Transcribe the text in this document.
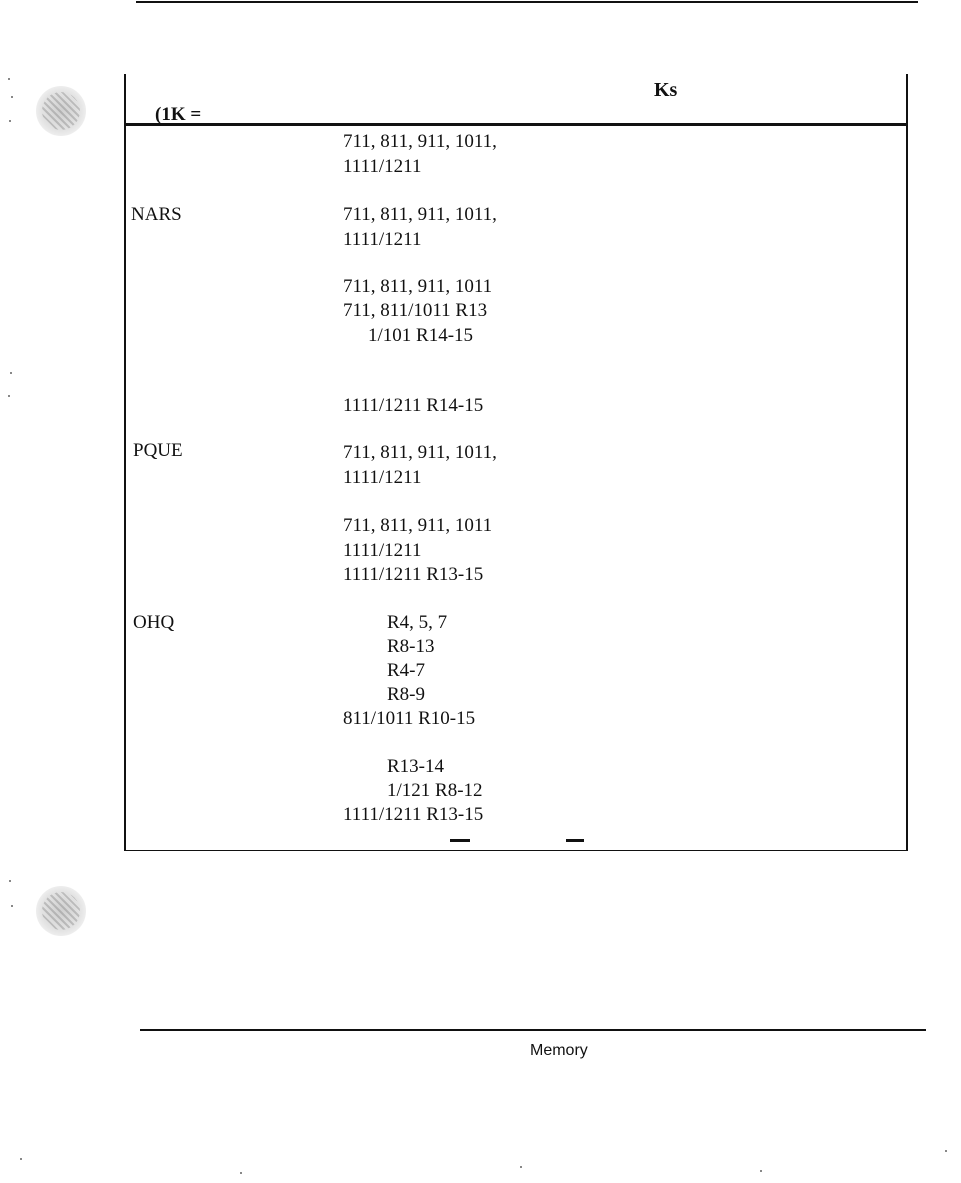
Ks
(1K =
711, 811, 911, 1011,
1111/1211
NARS	711, 811, 911, 1011,
1111/1211
711, 811, 911, 1011
711, 811/1011 R13
1/101 R14-15
1111/1211 R14-15
PQUE	711, 811, 911, 1011,
1111/1211
711, 811, 911, 1011
1111/1211
1111/1211 R13-15
OHQ	R4, 5, 7
R8-13
R4-7
R8-9
811/1011 R10-15
R13-14
1/121 R8-12
1111/1211 R13-15
Memory
